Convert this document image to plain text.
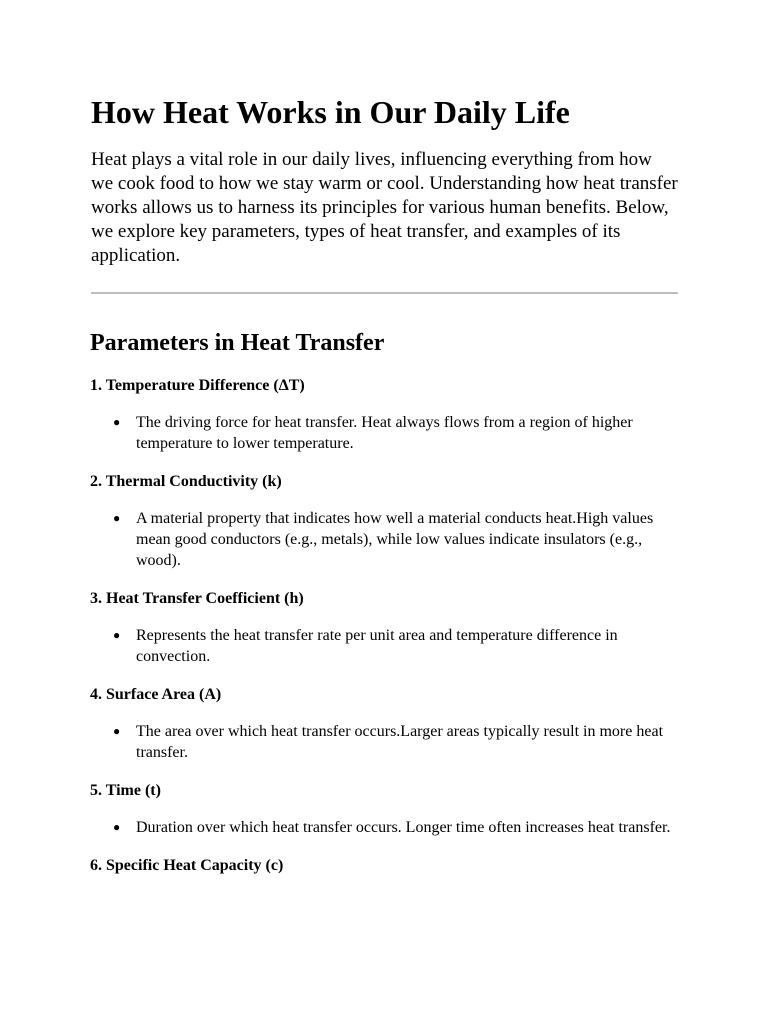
How Heat Works in Our Daily Life

Heat plays a vital role in our daily lives, influencing everything from how we cook food to how we stay warm or cool. Understanding how heat transfer works allows us to harness its principles for various human benefits. Below, we explore key parameters, types of heat transfer, and examples of its application.

Parameters in Heat Transfer
1. Temperature Difference (ΔT)
● The driving force for heat transfer. Heat always flows from a region of higher temperature to lower temperature.
2. Thermal Conductivity (k)
● A material property that indicates how well a material conducts heat.High values mean good conductors (e.g., metals), while low values indicate insulators (e.g., wood).
3. Heat Transfer Coefficient (h)
● Represents the heat transfer rate per unit area and temperature difference in convection.
4. Surface Area (A)
● The area over which heat transfer occurs.Larger areas typically result in more heat transfer.
5. Time (t)
● Duration over which heat transfer occurs. Longer time often increases heat transfer.
6. Specific Heat Capacity (c)
